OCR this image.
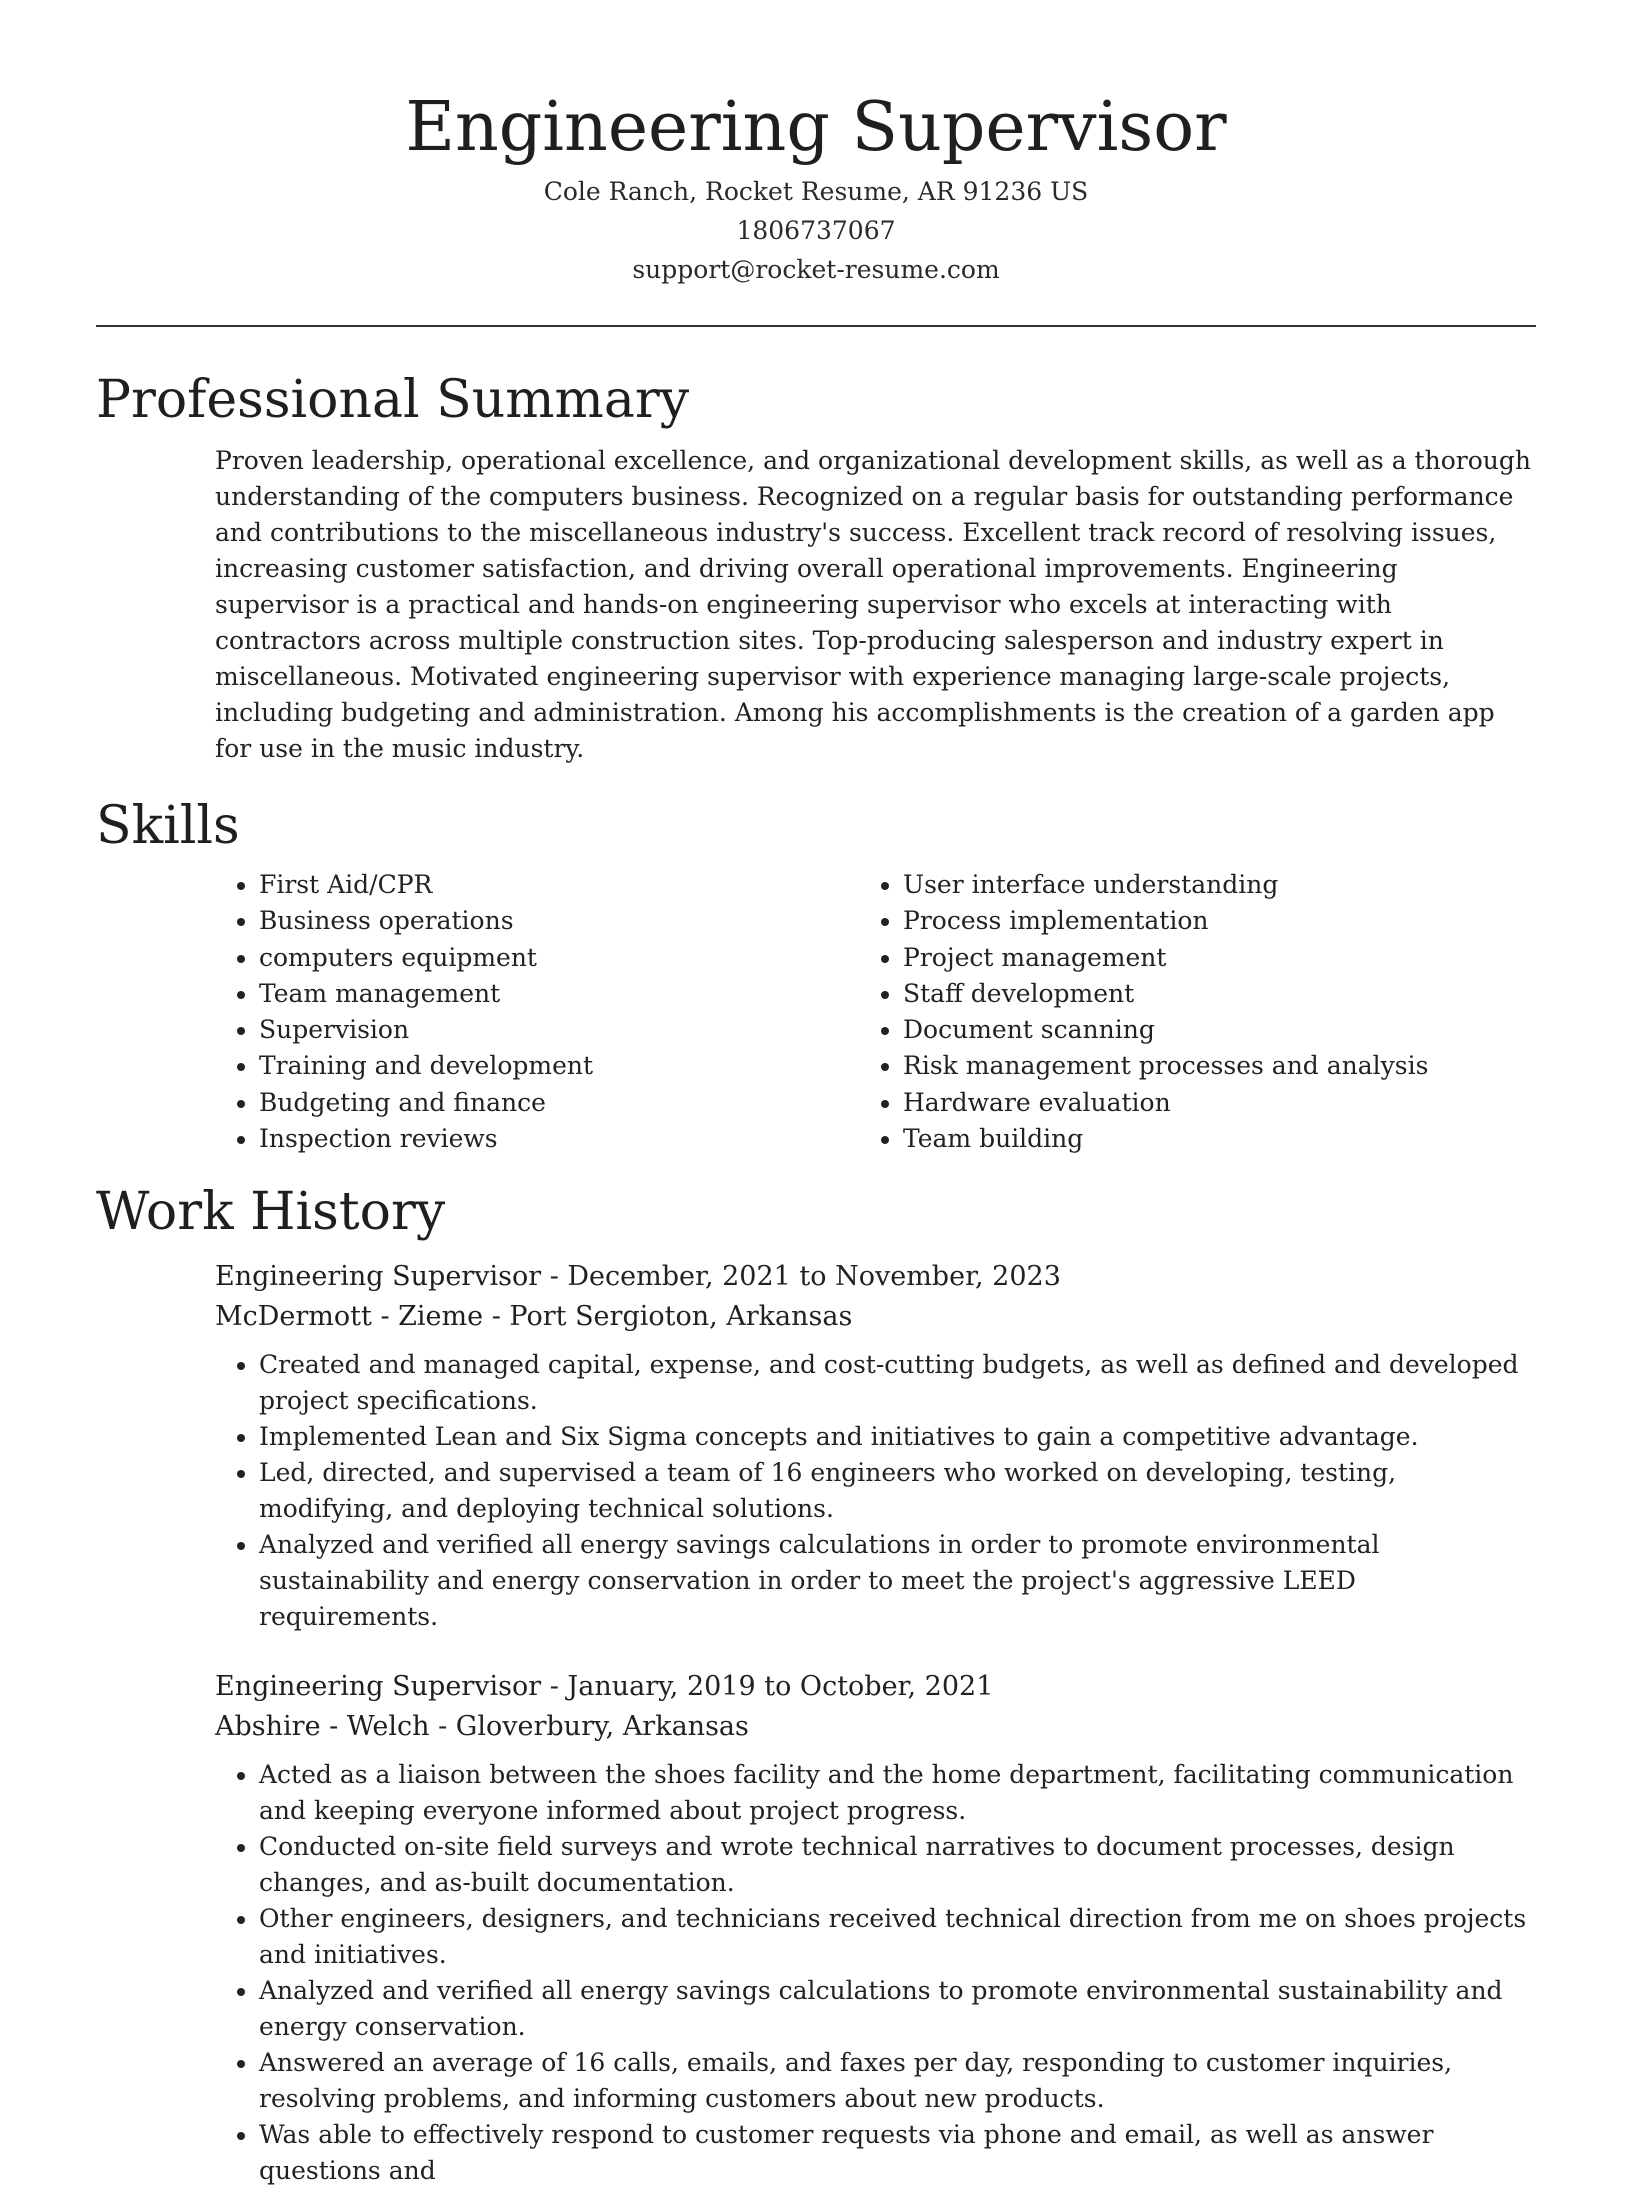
Engineering Supervisor
Cole Ranch, Rocket Resume, AR 91236 US
1806737067
support@rocket-resume.com
Professional Summary

Proven leadership, operational excellence, and organizational development skills, as well as a thorough understanding of the computers business. Recognized on a regular basis for outstanding performance and contributions to the miscellaneous industry's success. Excellent track record of resolving issues, increasing customer satisfaction, and driving overall operational improvements. Engineering supervisor is a practical and hands-on engineering supervisor who excels at interacting with contractors across multiple construction sites. Top-producing salesperson and industry expert in miscellaneous. Motivated engineering supervisor with experience managing large-scale projects, including budgeting and administration. Among his accomplishments is the creation of a garden app for use in the music industry.

Skills
• First Aid/CPR
• Business operations
• computers equipment
• Team management
• Supervision
• Training and development
• Budgeting and finance
• Inspection reviews
• User interface understanding
• Process implementation
• Project management
• Staff development
• Document scanning
• Risk management processes and analysis
• Hardware evaluation
• Team building
Work History
Engineering Supervisor - December, 2021 to November, 2023
McDermott - Zieme - Port Sergioton, Arkansas
• Created and managed capital, expense, and cost-cutting budgets, as well as defined and developed project specifications.
• Implemented Lean and Six Sigma concepts and initiatives to gain a competitive advantage.
• Led, directed, and supervised a team of 16 engineers who worked on developing, testing, modifying, and deploying technical solutions.
• Analyzed and verified all energy savings calculations in order to promote environmental sustainability and energy conservation in order to meet the project's aggressive LEED requirements.
Engineering Supervisor - January, 2019 to October, 2021
Abshire - Welch - Gloverbury, Arkansas
• Acted as a liaison between the shoes facility and the home department, facilitating communication and keeping everyone informed about project progress.
• Conducted on-site field surveys and wrote technical narratives to document processes, design changes, and as-built documentation.
• Other engineers, designers, and technicians received technical direction from me on shoes projects and initiatives.
• Analyzed and verified all energy savings calculations to promote environmental sustainability and energy conservation.
• Answered an average of 16 calls, emails, and faxes per day, responding to customer inquiries, resolving problems, and informing customers about new products.
• Was able to effectively respond to customer requests via phone and email, as well as answer questions and
